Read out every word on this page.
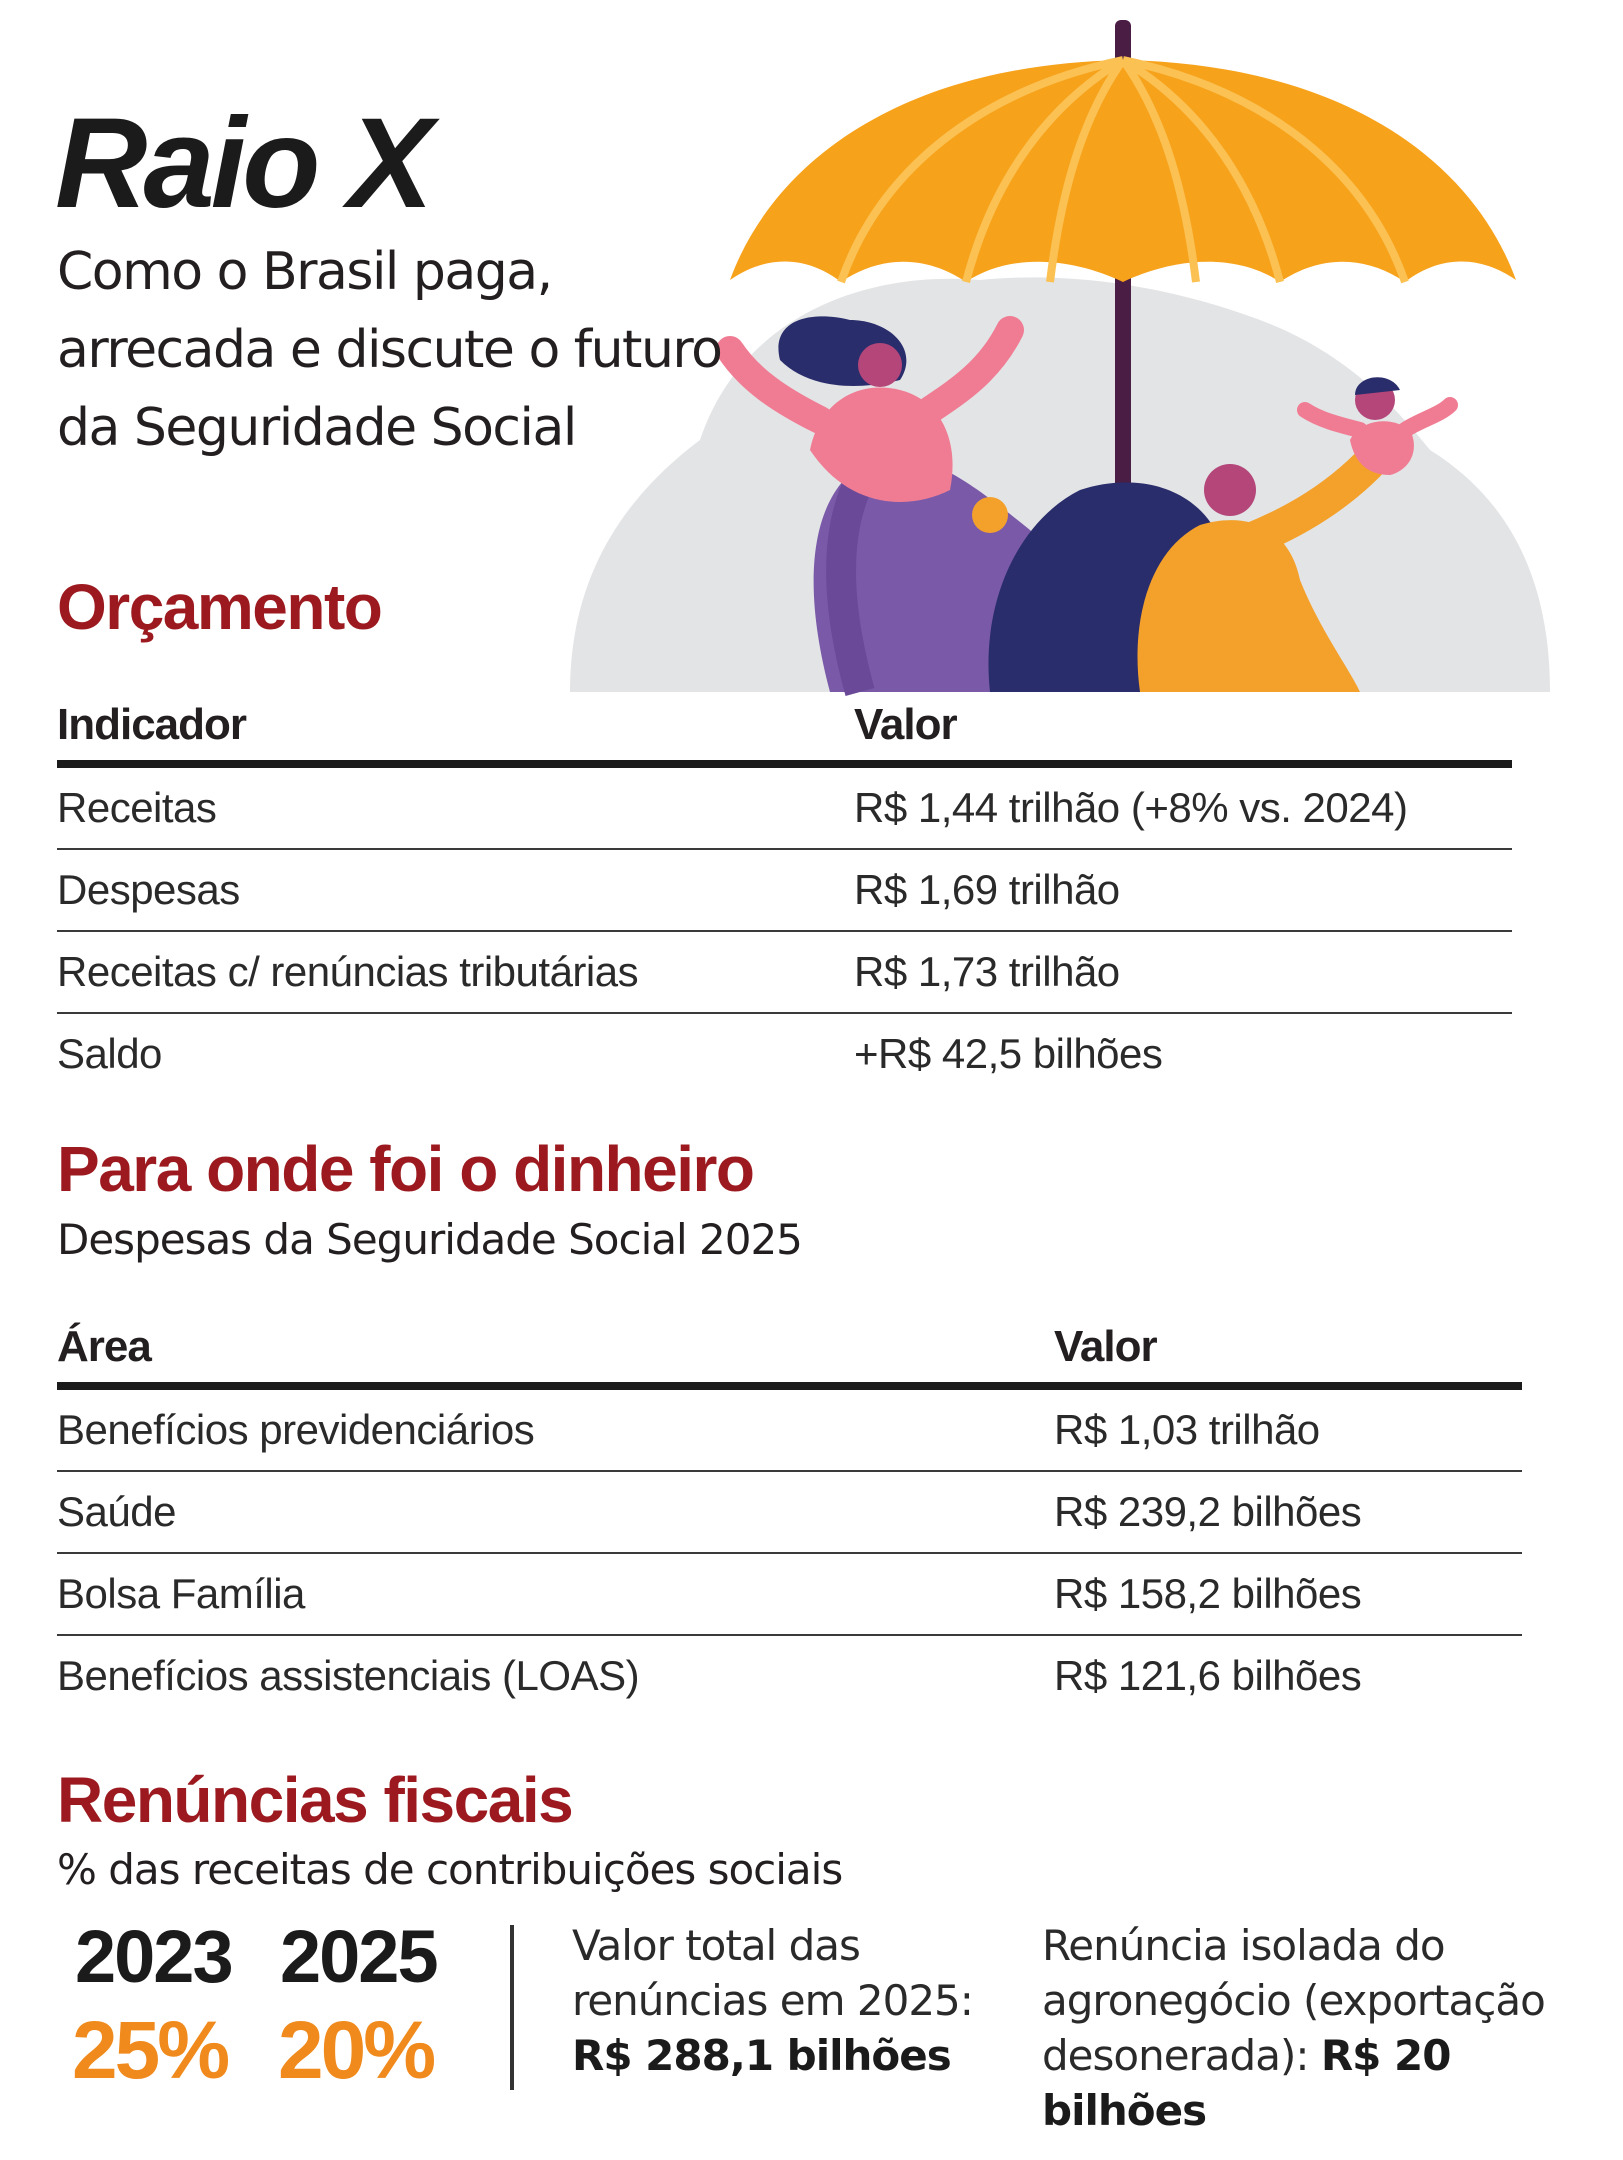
Raio X

Como o Brasil paga,
arrecada e discute o futuro
da Seguridade Social

Orçamento
Indicador	Valor
Receitas	R$ 1,44 trilhão (+8% vs. 2024)
Despesas	R$ 1,69 trilhão
Receitas c/ renúncias tributárias	R$ 1,73 trilhão
Saldo	+R$ 42,5 bilhões
Para onde foi o dinheiro

Despesas da Seguridade Social 2025

Área	Valor
Benefícios previdenciários	R$ 1,03 trilhão
Saúde	R$ 239,2 bilhões
Bolsa Família	R$ 158,2 bilhões
Benefícios assistenciais (LOAS)	R$ 121,6 bilhões
Renúncias fiscais

% das receitas de contribuições sociais

2023 2025
25% 20%

Valor total das
renúncias em 2025:
R$ 288,1 bilhões

Renúncia isolada do
agronegócio (exportação
desonerada): R$ 20 bilhões
